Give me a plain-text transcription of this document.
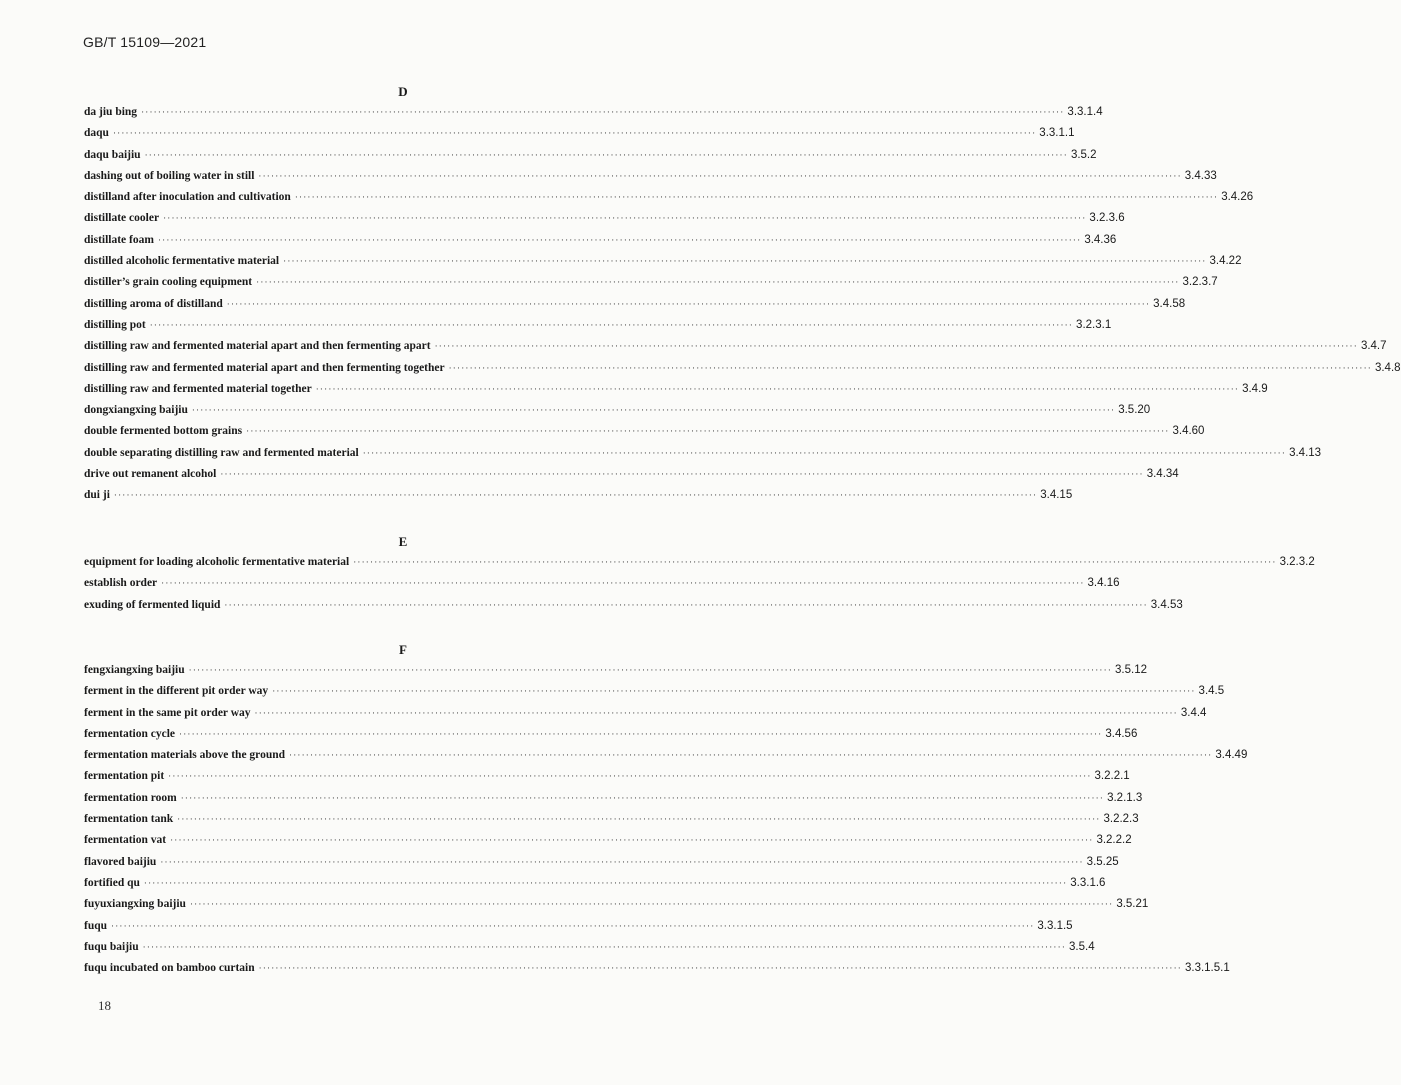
GB/T 15109—2021
D
da jiu bing ···························································································································································································································· 3.3.1.4
daqu ···························································································································································································································· 3.3.1.1
daqu baijiu ···························································································································································································································· 3.5.2
dashing out of boiling water in still ···························································································································································································································· 3.4.33
distilland after inoculation and cultivation ···························································································································································································································· 3.4.26
distillate cooler ···························································································································································································································· 3.2.3.6
distillate foam ···························································································································································································································· 3.4.36
distilled alcoholic fermentative material ···························································································································································································································· 3.4.22
distiller’s grain cooling equipment ···························································································································································································································· 3.2.3.7
distilling aroma of distilland ···························································································································································································································· 3.4.58
distilling pot ···························································································································································································································· 3.2.3.1
distilling raw and fermented material apart and then fermenting apart ···························································································································································································································· 3.4.7
distilling raw and fermented material apart and then fermenting together ···························································································································································································································· 3.4.8
distilling raw and fermented material together ···························································································································································································································· 3.4.9
dongxiangxing baijiu ···························································································································································································································· 3.5.20
double fermented bottom grains ···························································································································································································································· 3.4.60
double separating distilling raw and fermented material ···························································································································································································································· 3.4.13
drive out remanent alcohol ···························································································································································································································· 3.4.34
dui ji ···························································································································································································································· 3.4.15
E
equipment for loading alcoholic fermentative material ···························································································································································································································· 3.2.3.2
establish order ···························································································································································································································· 3.4.16
exuding of fermented liquid ···························································································································································································································· 3.4.53
F
fengxiangxing baijiu ···························································································································································································································· 3.5.12
ferment in the different pit order way ···························································································································································································································· 3.4.5
ferment in the same pit order way ···························································································································································································································· 3.4.4
fermentation cycle ···························································································································································································································· 3.4.56
fermentation materials above the ground ···························································································································································································································· 3.4.49
fermentation pit ···························································································································································································································· 3.2.2.1
fermentation room ···························································································································································································································· 3.2.1.3
fermentation tank ···························································································································································································································· 3.2.2.3
fermentation vat ···························································································································································································································· 3.2.2.2
flavored baijiu ···························································································································································································································· 3.5.25
fortified qu ···························································································································································································································· 3.3.1.6
fuyuxiangxing baijiu ···························································································································································································································· 3.5.21
fuqu ···························································································································································································································· 3.3.1.5
fuqu baijiu ···························································································································································································································· 3.5.4
fuqu incubated on bamboo curtain ···························································································································································································································· 3.3.1.5.1
18
